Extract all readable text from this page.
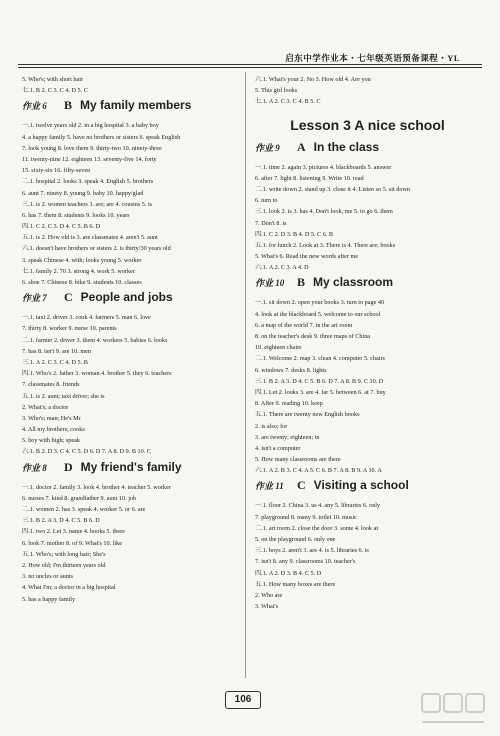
启东中学作业本・七年级英语预备课程・YL
5. Who's; with short hair
七.1. B 2. C 3. C 4. D 5. C
作业 6	B My family members
一.1. twelve years old 2. in a big hospital 3. a baby boy
4. a happy family 5. have no brothers or sisters 6. speak English
7. look young 8. love them 9. thirty-two 10. ninety-three
11. twenty-nine 12. eighteen 13. seventy-five 14. forty
15. sixty-six 16. fifty-seven
二.1. hospital 2. looks 3. speak 4. English 5. brothers
6. aunt 7. ninety 8. young 9. baby 10. happy/glad
三.1. is 2. women teachers 3. are; are 4. cousins 5. is
6. has 7. them 8. students 9. looks 10. years
四.1. C 2. C 3. D 4. C 5. B 6. D
五.1. is 2. How old is 3. are classmates 4. aren't 5. aunt
六.1. doesn't have brothers or sisters 2. is thirty/30 years old
3. speak Chinese 4. with; looks young 5. worker
七.1. family 2. 70 3. strong 4. work 5. worker
6. shoe 7. Chinese 8. bike 9. students 10. classes
作业 7	C People and jobs
一.1. taxi 2. driver 3. cook 4. farmers 5. man 6. love
7. thirty 8. worker 9. nurse 10. parents
二.1. farmer 2. driver 3. them 4. workers 5. babies 6. looks
7. has 8. isn't 9. are 10. men
三.1. A 2. C 3. C 4. D 5. B
四.1. Who's 2. father 3. woman 4. brother 5. they 6. teachers
7. classmates 8. friends
五.1. is 2. aunt; taxi driver; she is
2. What's; a doctor
3. Who's; man; He's Mr
4. All my brothers; cooks
5. boy with high; speak
六.1. B 2. D 3. C 4. C 5. D 6. D 7. A 8. D 9. B 10. C
作业 8	D My friend's family
一.1. doctor 2. family 3. look 4. brother 4. teacher 5. worker
6. nurses 7. kind 8. grandfather 9. aunt 10. job
二.1. women 2. has 3. speak 4. worker 5. or 6. are
三.1. B 2. A 3. D 4. C 5. B 6. D
四.1. two 2. Let 3. name 4. books 5. there
6. look 7. mother 8. of 9. What's 10. like
五.1. Who's; with long hair; She's
2. How old; I'm thirteen years old
3. no uncles or aunts
4. What I'm; a doctor in a big hospital
5. has a happy family
六.1. What's your 2. No 3. How old 4. Are you
5. This girl looks
七.1. A 2. C 3. C 4. B 5. C
Lesson 3 A nice school
作业 9	A In the class
一.1. time 2. again 3. pictures 4. blackboards 5. answer
6. after 7. light 8. listening 9. Write 10. read
二.1. write down 2. stand up 3. close it 4. Listen so 5. sit down
6. turn to
三.1. look 2. is 3. has 4. Don't look; me 5. to go 6. them
7. Don't 8. is
四.1. C 2. D 3. B 4. D 5. C 6. B
五.1. for lunch 2. Look at 3. There is 4. There are; books
5. What's 6. Read the new words after me
六.1. A 2. C 3. A 4. D
作业 10 B My classroom
一.1. sit down 2. open your books 3. turn to page 40
4. look at the blackboard 5. welcome to our school
6. a map of the world 7. in the art room
8. on the teacher's desk 9. three maps of China
10. eighteen chairs
二.1. Welcome 2. map 3. clean 4. computer 5. chairs
6. windows 7. desks 8. lights
三.1. B 2. A 3. D 4. C 5. B 6. D 7. A 8. B 9. C 10. D
四.1. Let 2. looks 3. are 4. far 5. between 6. at 7. buy
8. After 9. reading 10. keep
五.1. There are twenty new English books
2. is also; for
3. are twenty; eighteen; in
4. isn't a computer
5. How many classrooms are there
六.1. A 2. B 3. C 4. A 5. C 6. B 7. A 8. B 9. A 10. A
作业 11 C Visiting a school
一.1. floor 2. China 3. us 4. any 5. libraries 6. only
7. playground 8. many 9. toilet 10. music
二.1. art room 2. close the door 3. some 4. look at
5. on the playground 6. only one
三.1. boys 2. aren't 3. are 4. is 5. libraries 6. is
7. isn't 8. any 9. classrooms 10. teacher's
四.1. A 2. D 3. B 4. C 5. D
五.1. How many boxes are there
2. Who are
3. What's
106
